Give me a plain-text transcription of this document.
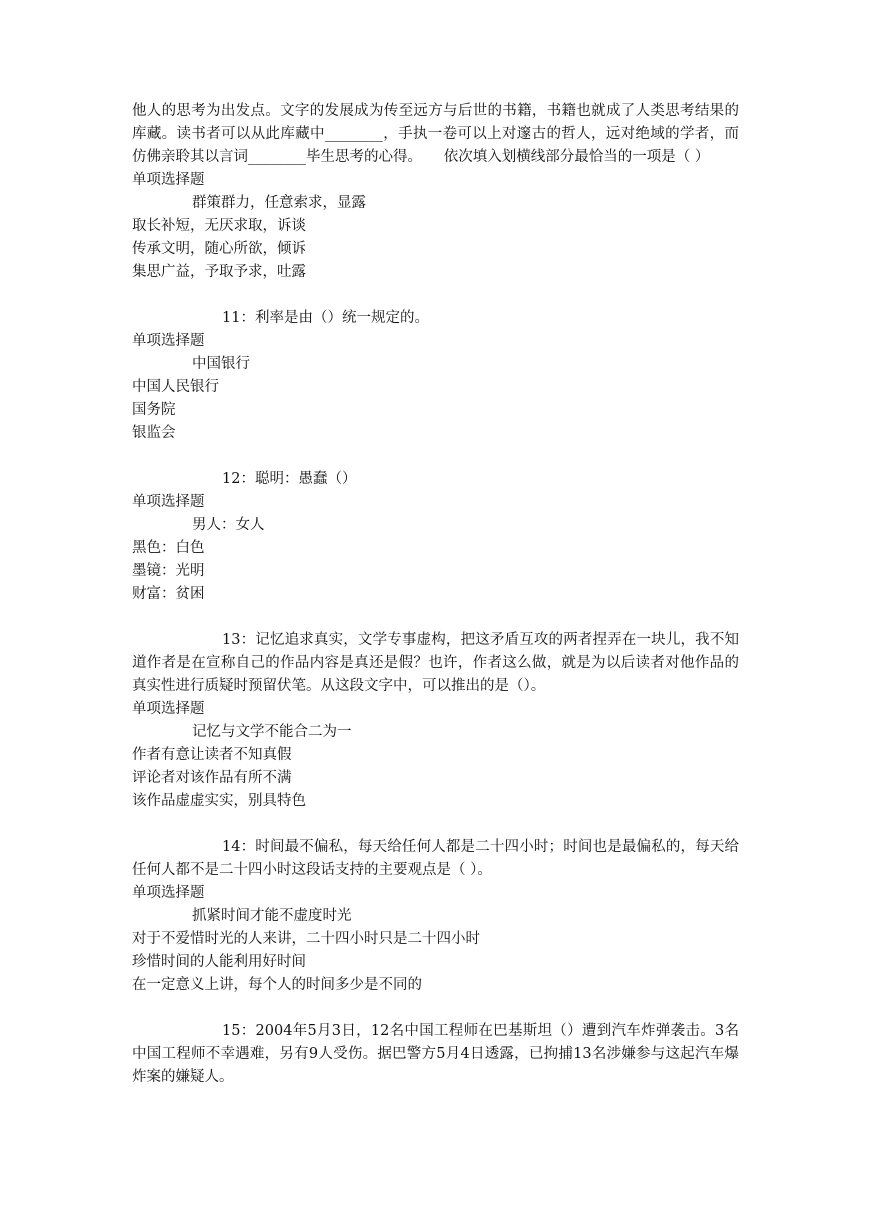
他人的思考为出发点。文字的发展成为传至远方与后世的书籍，书籍也就成了人类思考结果的库藏。读书者可以从此库藏中________，手执一卷可以上对邃古的哲人，远对绝域的学者，而仿佛亲聆其以言词________毕生思考的心得。　　依次填入划横线部分最恰当的一项是（ ）
单项选择题
群策群力，任意索求，显露
取长补短，无厌求取，诉谈
传承文明，随心所欲，倾诉
集思广益，予取予求，吐露
11：利率是由（）统一规定的。
单项选择题
中国银行
中国人民银行
国务院
银监会
12：聪明：愚蠢（）
单项选择题
男人：女人
黑色：白色
墨镜：光明
财富：贫困
13：记忆追求真实，文学专事虚构，把这矛盾互攻的两者捏弄在一块儿，我不知道作者是在宣称自己的作品内容是真还是假？也许，作者这么做，就是为以后读者对他作品的真实性进行质疑时预留伏笔。从这段文字中，可以推出的是（）。
单项选择题
记忆与文学不能合二为一
作者有意让读者不知真假
评论者对该作品有所不满
该作品虚虚实实，别具特色
14：时间最不偏私，每天给任何人都是二十四小时；时间也是最偏私的，每天给任何人都不是二十四小时这段话支持的主要观点是（ ）。
单项选择题
抓紧时间才能不虚度时光
对于不爱惜时光的人来讲，二十四小时只是二十四小时
珍惜时间的人能利用好时间
在一定意义上讲，每个人的时间多少是不同的
15：2004年5月3日，12名中国工程师在巴基斯坦（）遭到汽车炸弹袭击。3名中国工程师不幸遇难，另有9人受伤。据巴警方5月4日透露，已拘捕13名涉嫌参与这起汽车爆炸案的嫌疑人。
